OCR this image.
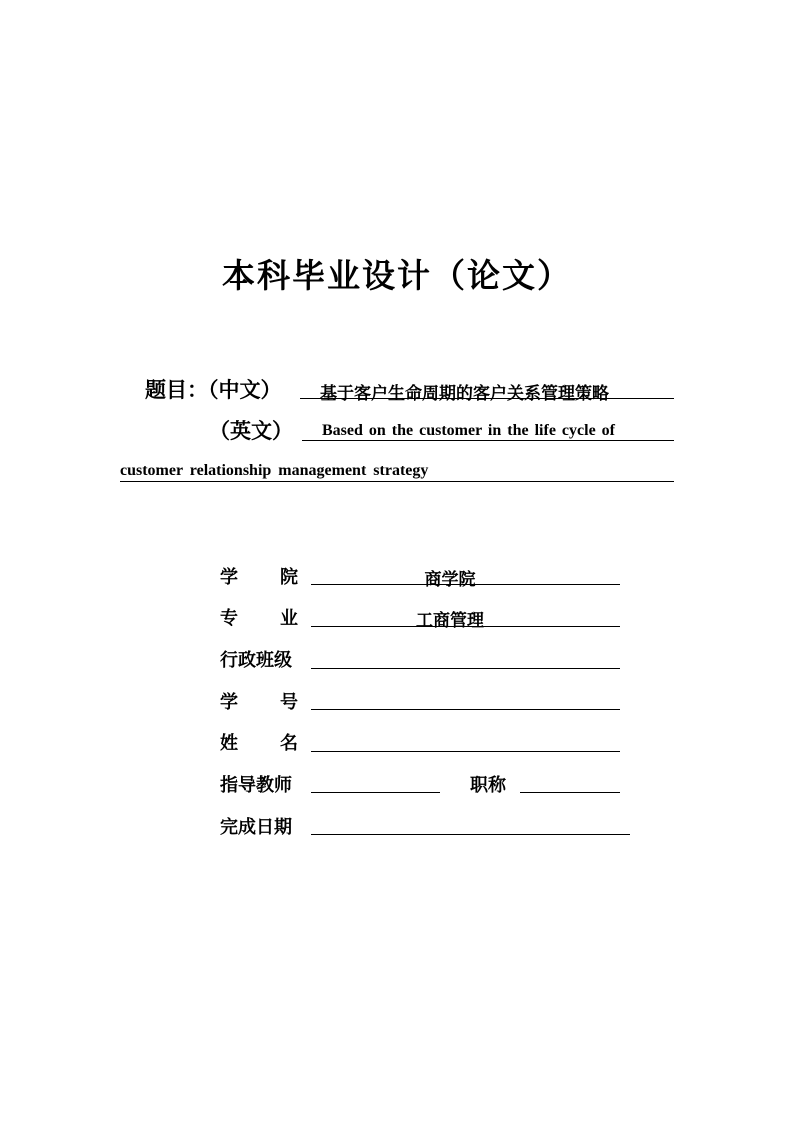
本科毕业设计（论文）
题目：（中文） 基于客户生命周期的客户关系管理策略
（英文） Based on the customer in the life cycle of
customer relationship management strategy
学 院	商学院
专 业	工商管理
行政班级
学 号
姓 名
指导教师	职称
完成日期
